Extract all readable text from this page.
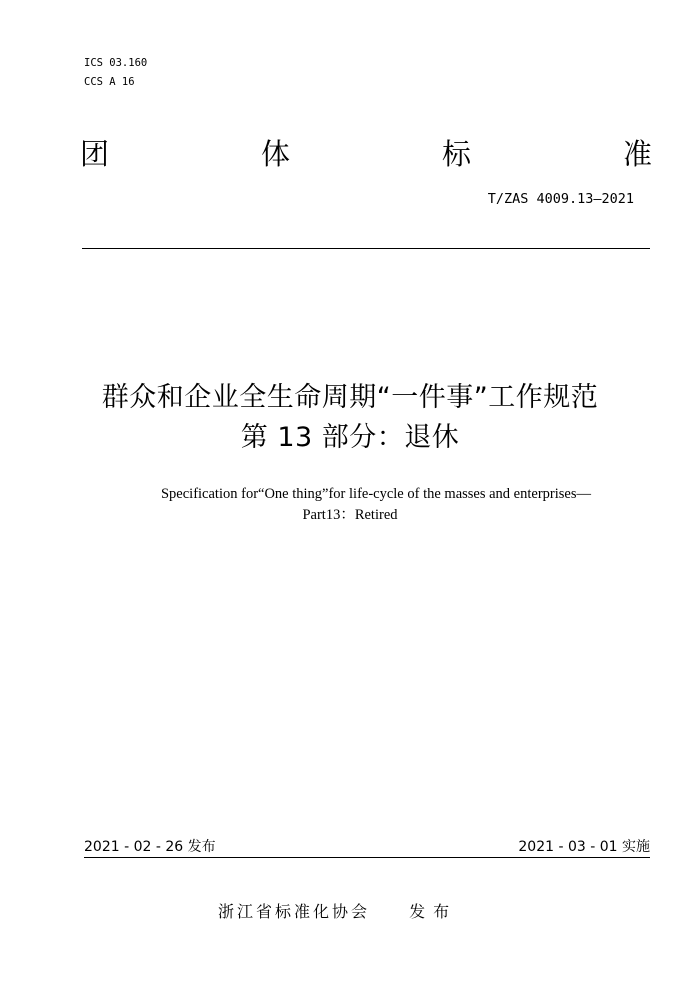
ICS 03.160
CCS A 16
团	体	标	准
T/ZAS 4009.13—2021
群众和企业全生命周期“一件事”工作规范
第 13 部分：退休
Specification for“One thing”for life-cycle of the masses and enterprises—
Part13：Retired
2021 - 02 - 26 发布	2021 - 03 - 01 实施
浙江省标准化协会 发布
